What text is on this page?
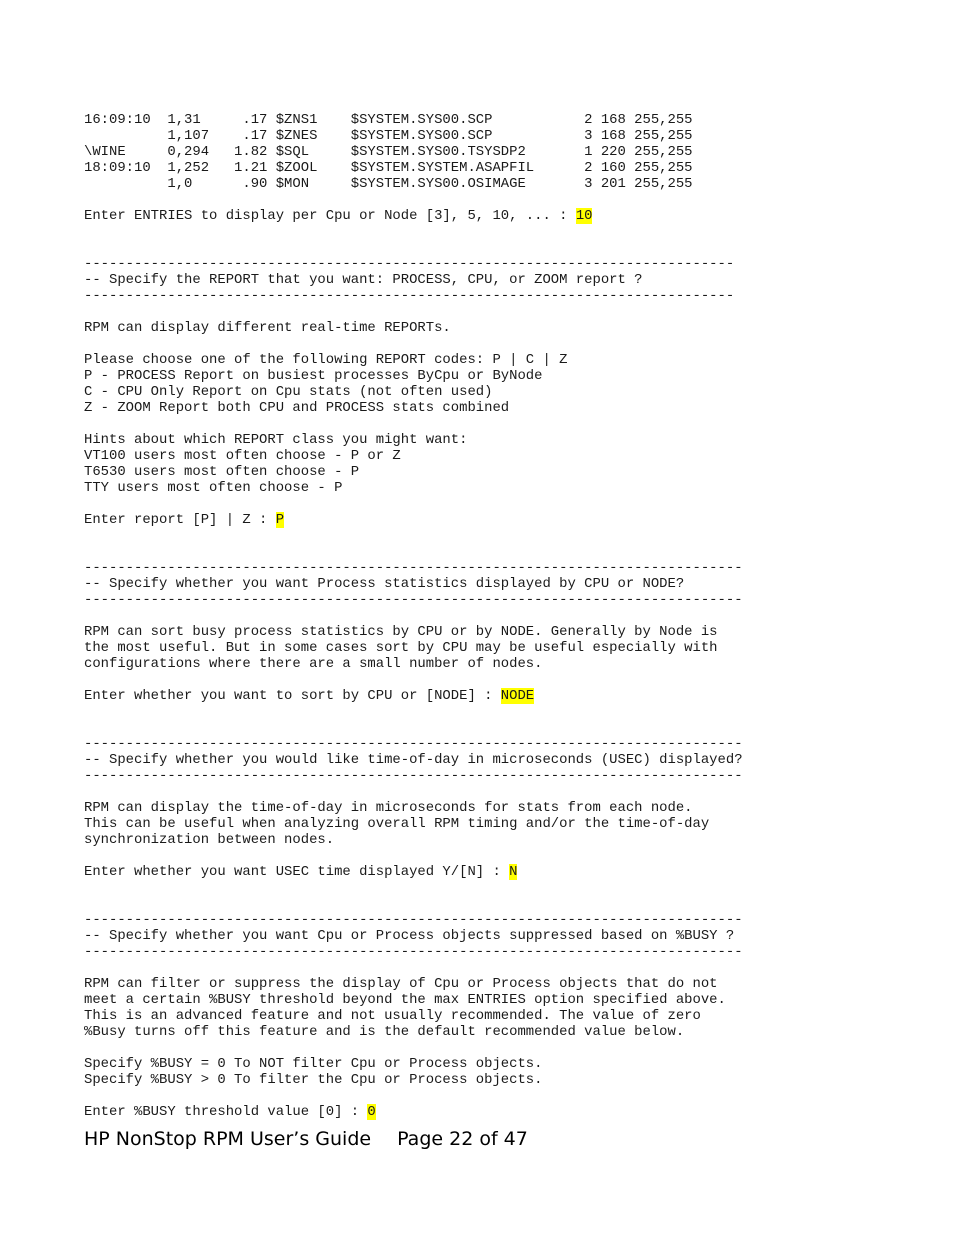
16:09:10  1,31     .17 $ZNS1    $SYSTEM.SYS00.SCP           2 168 255,255
1,107    .17 $ZNES    $SYSTEM.SYS00.SCP           3 168 255,255
\WINE     0,294   1.82 $SQL     $SYSTEM.SYS00.TSYSDP2       1 220 255,255
18:09:10  1,252   1.21 $ZOOL    $SYSTEM.SYSTEM.ASAPFIL      2 160 255,255
1,0      .90 $MON     $SYSTEM.SYS00.OSIMAGE       3 201 255,255

Enter ENTRIES to display per Cpu or Node [3], 5, 10, ... : 10

------------------------------------------------------------------------------
-- Specify the REPORT that you want: PROCESS, CPU, or ZOOM report ?
------------------------------------------------------------------------------

RPM can display different real-time REPORTs.

Please choose one of the following REPORT codes: P | C | Z
P - PROCESS Report on busiest processes ByCpu or ByNode
C - CPU Only Report on Cpu stats (not often used)
Z - ZOOM Report both CPU and PROCESS stats combined

Hints about which REPORT class you might want:
VT100 users most often choose - P or Z
T6530 users most often choose - P
TTY users most often choose - P

Enter report [P] | Z : P

-------------------------------------------------------------------------------
-- Specify whether you want Process statistics displayed by CPU or NODE?
-------------------------------------------------------------------------------

RPM can sort busy process statistics by CPU or by NODE. Generally by Node is
the most useful. But in some cases sort by CPU may be useful especially with
configurations where there are a small number of nodes.

Enter whether you want to sort by CPU or [NODE] : NODE

-------------------------------------------------------------------------------
-- Specify whether you would like time-of-day in microseconds (USEC) displayed?
-------------------------------------------------------------------------------

RPM can display the time-of-day in microseconds for stats from each node.
This can be useful when analyzing overall RPM timing and/or the time-of-day
synchronization between nodes.

Enter whether you want USEC time displayed Y/[N] : N

-------------------------------------------------------------------------------
-- Specify whether you want Cpu or Process objects suppressed based on %BUSY ?
-------------------------------------------------------------------------------

RPM can filter or suppress the display of Cpu or Process objects that do not
meet a certain %BUSY threshold beyond the max ENTRIES option specified above.
This is an advanced feature and not usually recommended. The value of zero
%Busy turns off this feature and is the default recommended value below.

Specify %BUSY = 0 To NOT filter Cpu or Process objects.
Specify %BUSY > 0 To filter the Cpu or Process objects.

Enter %BUSY threshold value [0] : 0
HP NonStop RPM User’s Guide Page 22 of 47
